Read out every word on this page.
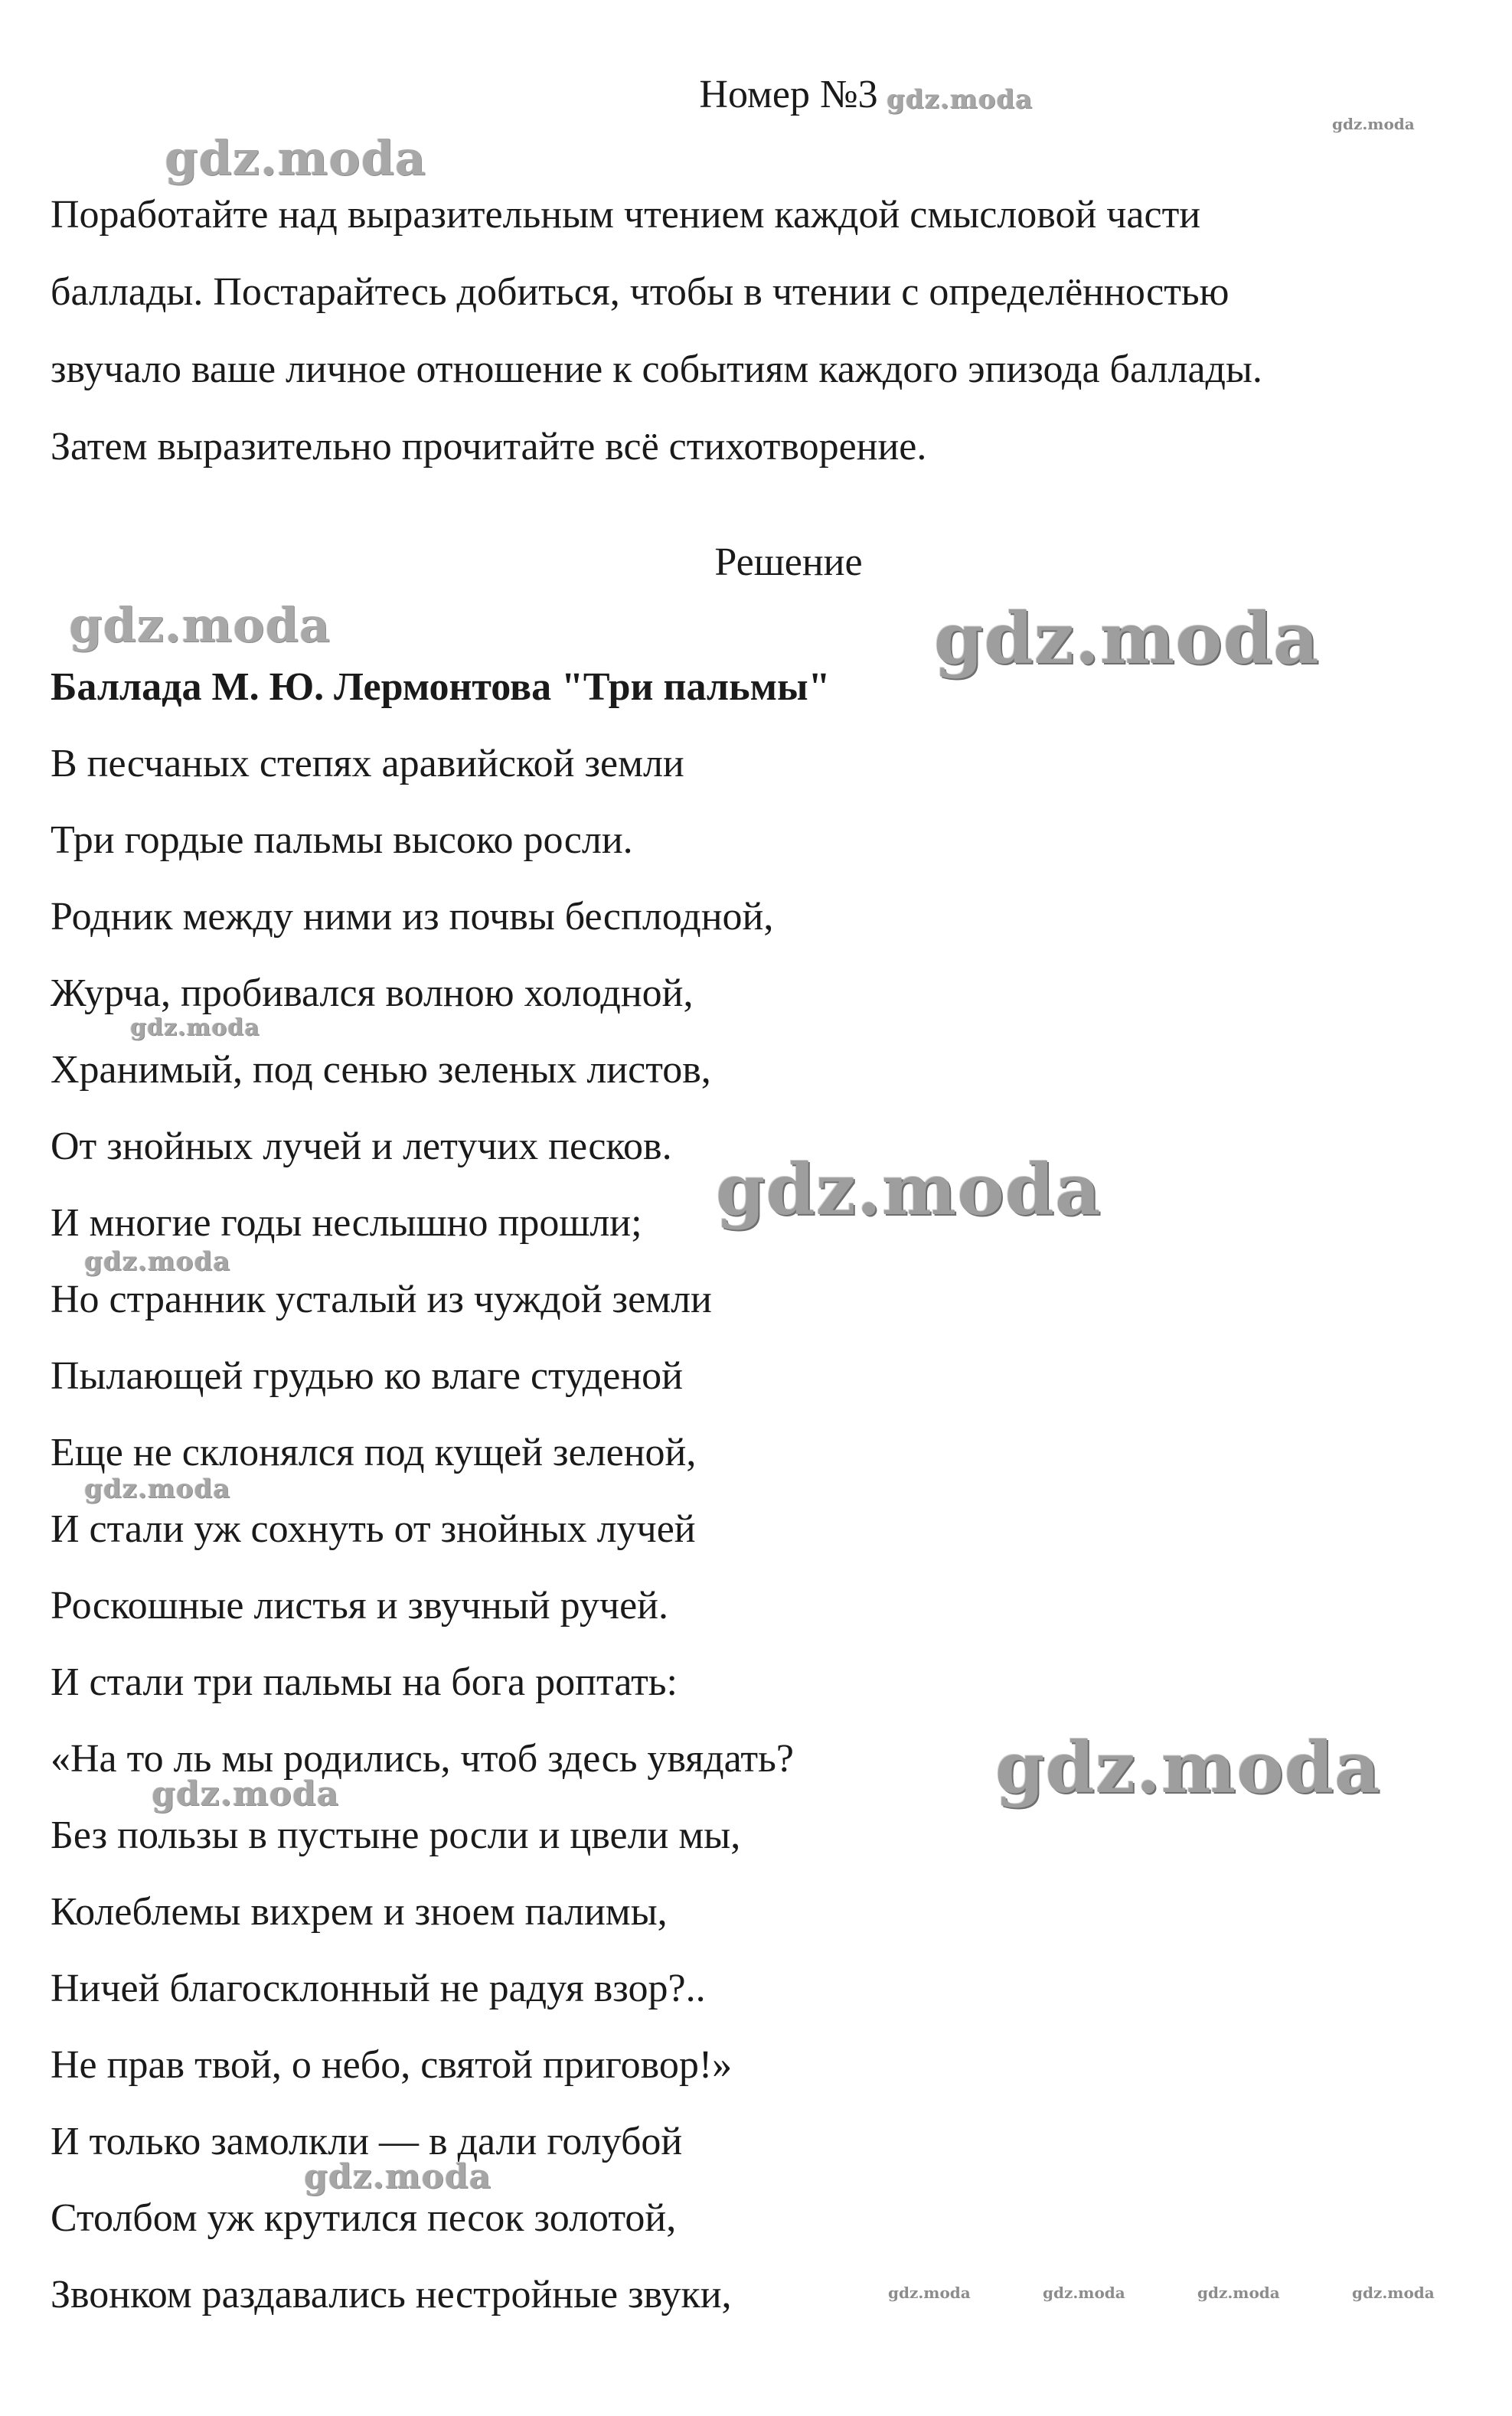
Номер №3
Поработайте над выразительным чтением каждой смысловой части
баллады. Постарайтесь добиться, чтобы в чтении с определённостью
звучало ваше личное отношение к событиям каждого эпизода баллады.
Затем выразительно прочитайте всё стихотворение.
Решение
Баллада М. Ю. Лермонтова "Три пальмы"
В песчаных степях аравийской земли
Три гордые пальмы высоко росли.
Родник между ними из почвы бесплодной,
Журча, пробивался волною холодной,
Хранимый, под сенью зеленых листов,
От знойных лучей и летучих песков.
И многие годы неслышно прошли;
Но странник усталый из чуждой земли
Пылающей грудью ко влаге студеной
Еще не склонялся под кущей зеленой,
И стали уж сохнуть от знойных лучей
Роскошные листья и звучный ручей.
И стали три пальмы на бога роптать:
«На то ль мы родились, чтоб здесь увядать?
Без пользы в пустыне росли и цвели мы,
Колеблемы вихрем и зноем палимы,
Ничей благосклонный не радуя взор?..
Не прав твой, о небо, святой приговор!»
И только замолкли — в дали голубой
Столбом уж крутился песок золотой,
Звонком раздавались нестройные звуки,
gdz.moda
gdz.moda
gdz.moda
gdz.moda	gdz.moda
gdz.moda
gdz.moda
gdz.moda
gdz.moda
gdz.moda
gdz.moda
gdz.moda
gdz.moda	gdz.moda	gdz.moda	gdz.moda
